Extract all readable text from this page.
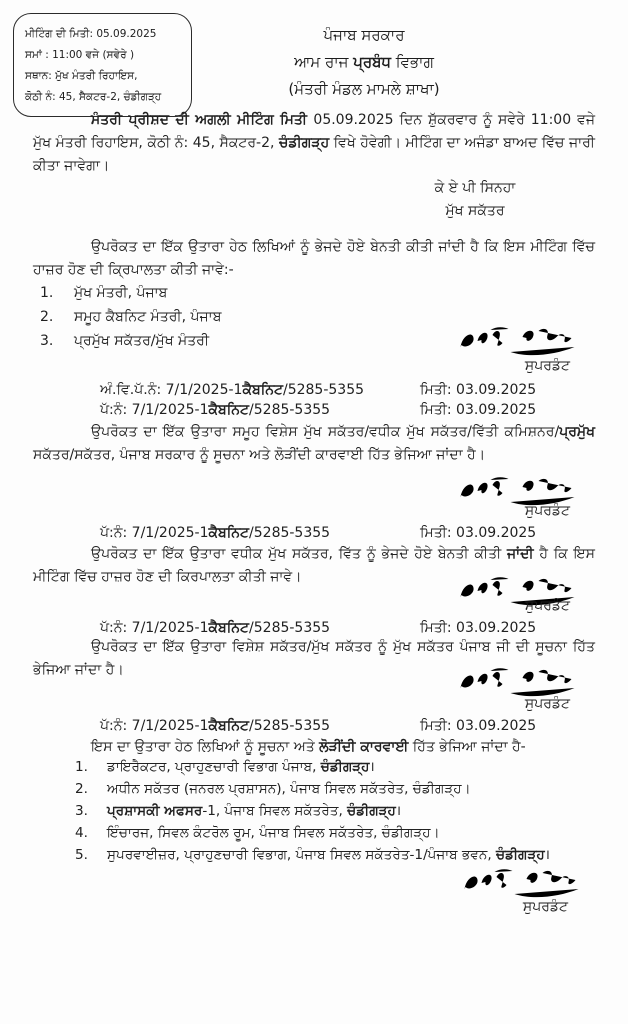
ਮੀਟਿੰਗ ਦੀ ਮਿਤੀ: 05.09.2025
ਸਮਾਂ : 11:00 ਵਜੇ (ਸਵੇਰੇ )
ਸਥਾਨ: ਮੁੱਖ ਮੰਤਰੀ ਰਿਹਾਇਸ,
ਕੋਠੀ ਨੰ: 45, ਸੈਕਟਰ-2, ਚੰਡੀਗੜ੍ਹ
ਪੰਜਾਬ ਸਰਕਾਰ
ਆਮ ਰਾਜ ਪ੍ਰਬੰਧ ਵਿਭਾਗ
(ਮੰਤਰੀ ਮੰਡਲ ਮਾਮਲੇ ਸ਼ਾਖਾ)
ਮੰਤਰੀ ਪ੍ਰੀਸ਼ਦ ਦੀ ਅਗਲੀ ਮੀਟਿੰਗ ਮਿਤੀ 05.09.2025 ਦਿਨ ਸ਼ੁੱਕਰਵਾਰ ਨੂੰ ਸਵੇਰੇ 11:00 ਵਜੇ ਮੁੱਖ ਮੰਤਰੀ ਰਿਹਾਇਸ, ਕੋਠੀ ਨੰ: 45, ਸੈਕਟਰ-2, ਚੰਡੀਗੜ੍ਹ ਵਿਖੇ ਹੋਵੇਗੀ। ਮੀਟਿੰਗ ਦਾ ਅਜੰਡਾ ਬਾਅਦ ਵਿੱਚ ਜਾਰੀ ਕੀਤਾ ਜਾਵੇਗਾ।
ਕੇ ਏ ਪੀ ਸਿਨਹਾ
ਮੁੱਖ ਸਕੱਤਰ
ਉਪਰੋਕਤ ਦਾ ਇੱਕ ਉਤਾਰਾ ਹੇਠ ਲਿਖਿਆਂ ਨੂੰ ਭੇਜਦੇ ਹੋਏ ਬੇਨਤੀ ਕੀਤੀ ਜਾਂਦੀ ਹੈ ਕਿ ਇਸ ਮੀਟਿੰਗ ਵਿੱਚ ਹਾਜ਼ਰ ਹੋਣ ਦੀ ਕ੍ਰਿਪਾਲਤਾ ਕੀਤੀ ਜਾਵੇ:-
1. ਮੁੱਖ ਮੰਤਰੀ, ਪੰਜਾਬ
2. ਸਮੂਹ ਕੈਬਨਿਟ ਮੰਤਰੀ, ਪੰਜਾਬ
3. ਪ੍ਰਮੁੱਖ ਸਕੱਤਰ/ਮੁੱਖ ਮੰਤਰੀ
ਸੁਪਰਡੰਟ
ਅੰ.ਵਿ.ਪੱ.ਨੰ: 7/1/2025-1ਕੈਬਨਿਟ/5285-5355	ਮਿਤੀ: 03.09.2025
ਪੱ:ਨੰ: 7/1/2025-1ਕੈਬਨਿਟ/5285-5355	ਮਿਤੀ: 03.09.2025
ਉਪਰੋਕਤ ਦਾ ਇੱਕ ਉਤਾਰਾ ਸਮੂਹ ਵਿਸ਼ੇਸ ਮੁੱਖ ਸਕੱਤਰ/ਵਧੀਕ ਮੁੱਖ ਸਕੱਤਰ/ਵਿੱਤੀ ਕਮਿਸ਼ਨਰ/ਪ੍ਰਮੁੱਖ ਸਕੱਤਰ/ਸਕੱਤਰ, ਪੰਜਾਬ ਸਰਕਾਰ ਨੂੰ ਸੂਚਨਾ ਅਤੇ ਲੋੜੀਂਦੀ ਕਾਰਵਾਈ ਹਿੱਤ ਭੇਜਿਆ ਜਾਂਦਾ ਹੈ।
ਸੁਪਰਡੰਟ
ਪੱ:ਨੰ: 7/1/2025-1ਕੈਬਨਿਟ/5285-5355	ਮਿਤੀ: 03.09.2025
ਉਪਰੋਕਤ ਦਾ ਇੱਕ ਉਤਾਰਾ ਵਧੀਕ ਮੁੱਖ ਸਕੱਤਰ, ਵਿੱਤ ਨੂੰ ਭੇਜਦੇ ਹੋਏ ਬੇਨਤੀ ਕੀਤੀ ਜਾਂਦੀ ਹੈ ਕਿ ਇਸ ਮੀਟਿੰਗ ਵਿੱਚ ਹਾਜ਼ਰ ਹੋਣ ਦੀ ਕਿਰਪਾਲਤਾ ਕੀਤੀ ਜਾਵੇ।
ਸੁਪਰਡੰਟ
ਪੱ:ਨੰ: 7/1/2025-1ਕੈਬਨਿਟ/5285-5355	ਮਿਤੀ: 03.09.2025
ਉਪਰੋਕਤ ਦਾ ਇੱਕ ਉਤਾਰਾ ਵਿਸ਼ੇਸ਼ ਸਕੱਤਰ/ਮੁੱਖ ਸਕੱਤਰ ਨੂੰ ਮੁੱਖ ਸਕੱਤਰ ਪੰਜਾਬ ਜੀ ਦੀ ਸੂਚਨਾ ਹਿੱਤ ਭੇਜਿਆ ਜਾਂਦਾ ਹੈ।
ਸੁਪਰਡੰਟ
ਪੱ:ਨੰ: 7/1/2025-1ਕੈਬਨਿਟ/5285-5355	ਮਿਤੀ: 03.09.2025
ਇਸ ਦਾ ਉਤਾਰਾ ਹੇਠ ਲਿਖਿਆਂ ਨੂੰ ਸੂਚਨਾ ਅਤੇ ਲੋੜੀਂਦੀ ਕਾਰਵਾਈ ਹਿੱਤ ਭੇਜਿਆ ਜਾਂਦਾ ਹੈ-
1. ਡਾਇਰੈਕਟਰ, ਪ੍ਰਾਹੁਣਚਾਰੀ ਵਿਭਾਗ ਪੰਜਾਬ, ਚੰਡੀਗੜ੍ਹ।
2. ਅਧੀਨ ਸਕੱਤਰ (ਜਨਰਲ ਪ੍ਰਸ਼ਾਸਨ), ਪੰਜਾਬ ਸਿਵਲ ਸਕੱਤਰੇਤ, ਚੰਡੀਗੜ੍ਹ।
3. ਪ੍ਰਸ਼ਾਸਕੀ ਅਫਸਰ-1, ਪੰਜਾਬ ਸਿਵਲ ਸਕੱਤਰੇਤ, ਚੰਡੀਗੜ੍ਹ।
4. ਇੰਚਾਰਜ, ਸਿਵਲ ਕੰਟਰੋਲ ਰੂਮ, ਪੰਜਾਬ ਸਿਵਲ ਸਕੱਤਰੇਤ, ਚੰਡੀਗੜ੍ਹ।
5. ਸੁਪਰਵਾਈਜ਼ਰ, ਪ੍ਰਾਹੁਣਚਾਰੀ ਵਿਭਾਗ, ਪੰਜਾਬ ਸਿਵਲ ਸਕੱਤਰੇਤ-1/ਪੰਜਾਬ ਭਵਨ, ਚੰਡੀਗੜ੍ਹ।
ਸੁਪਰਡੰਟ
